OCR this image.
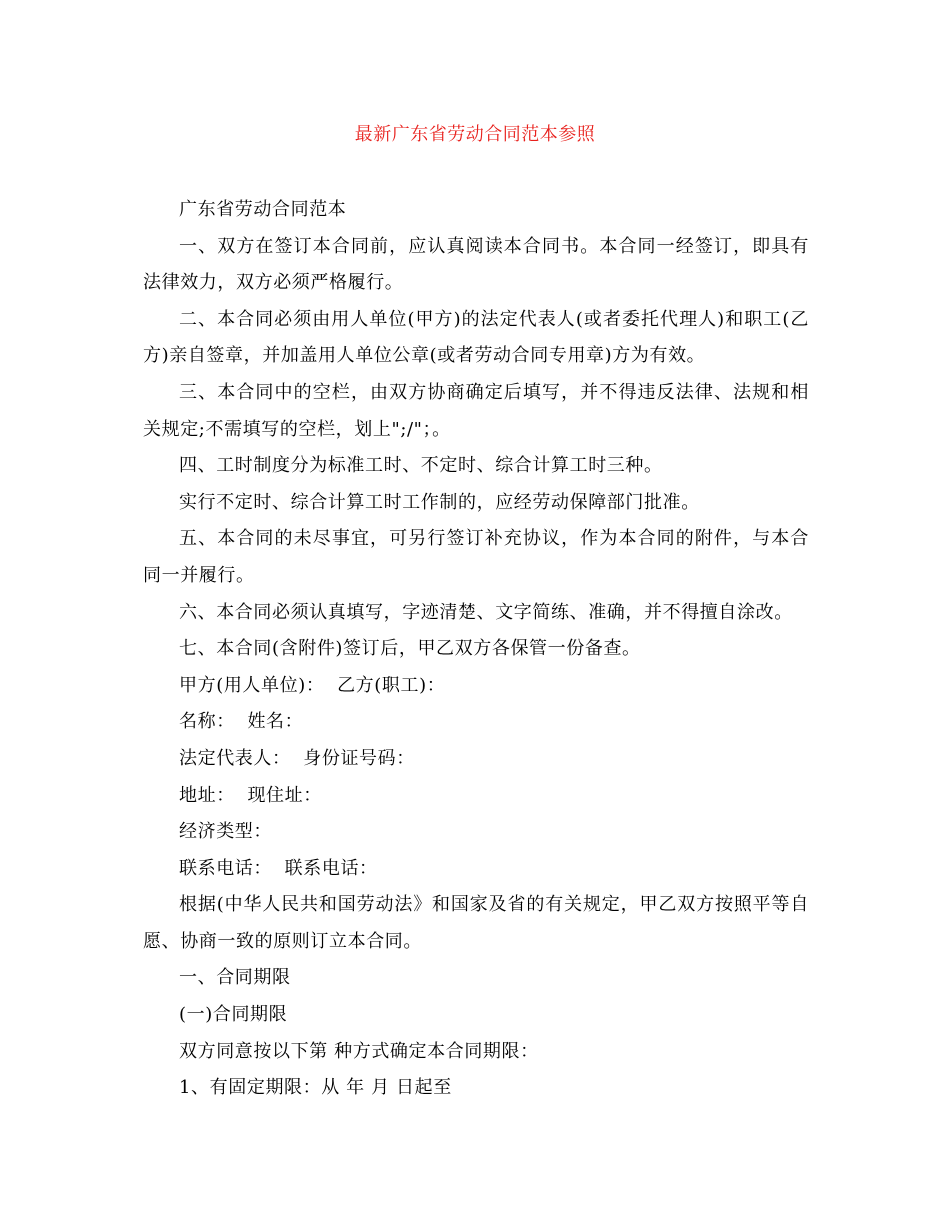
最新广东省劳动合同范本参照

广东省劳动合同范本

一、双方在签订本合同前，应认真阅读本合同书。本合同一经签订，即具有法律效力，双方必须严格履行。

二、本合同必须由用人单位(甲方)的法定代表人(或者委托代理人)和职工(乙方)亲自签章，并加盖用人单位公章(或者劳动合同专用章)方为有效。

三、本合同中的空栏，由双方协商确定后填写，并不得违反法律、法规和相关规定;不需填写的空栏，划上";/"；。

四、工时制度分为标准工时、不定时、综合计算工时三种。

实行不定时、综合计算工时工作制的，应经劳动保障部门批准。

五、本合同的未尽事宜，可另行签订补充协议，作为本合同的附件，与本合同一并履行。

六、本合同必须认真填写，字迹清楚、文字简练、准确，并不得擅自涂改。

七、本合同(含附件)签订后，甲乙双方各保管一份备查。

甲方(用人单位)：  乙方(职工)：

名称：  姓名：

法定代表人：  身份证号码：

地址：  现住址：

经济类型：

联系电话：  联系电话：

根据(中华人民共和国劳动法》和国家及省的有关规定，甲乙双方按照平等自愿、协商一致的原则订立本合同。

一、合同期限

(一)合同期限

双方同意按以下第 种方式确定本合同期限：

1、有固定期限：从 年 月 日起至
